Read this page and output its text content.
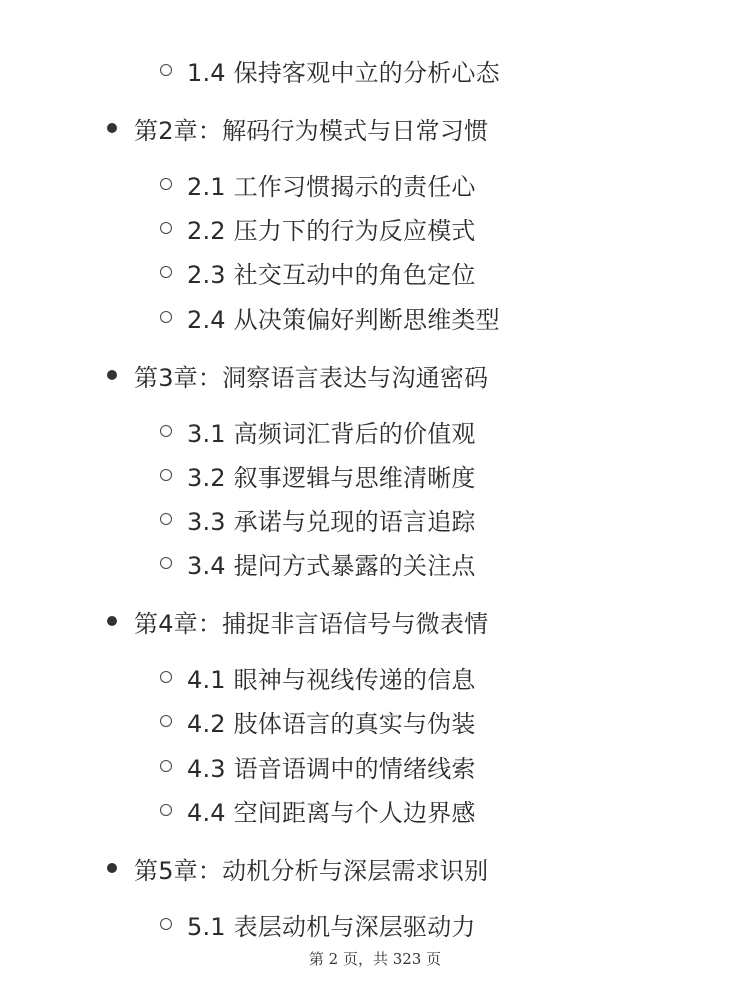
1.4 保持客观中立的分析心态
第2章：解码行为模式与日常习惯
2.1 工作习惯揭示的责任心
2.2 压力下的行为反应模式
2.3 社交互动中的角色定位
2.4 从决策偏好判断思维类型
第3章：洞察语言表达与沟通密码
3.1 高频词汇背后的价值观
3.2 叙事逻辑与思维清晰度
3.3 承诺与兑现的语言追踪
3.4 提问方式暴露的关注点
第4章：捕捉非言语信号与微表情
4.1 眼神与视线传递的信息
4.2 肢体语言的真实与伪装
4.3 语音语调中的情绪线索
4.4 空间距离与个人边界感
第5章：动机分析与深层需求识别
5.1 表层动机与深层驱动力
第 2 页，共 323 页
